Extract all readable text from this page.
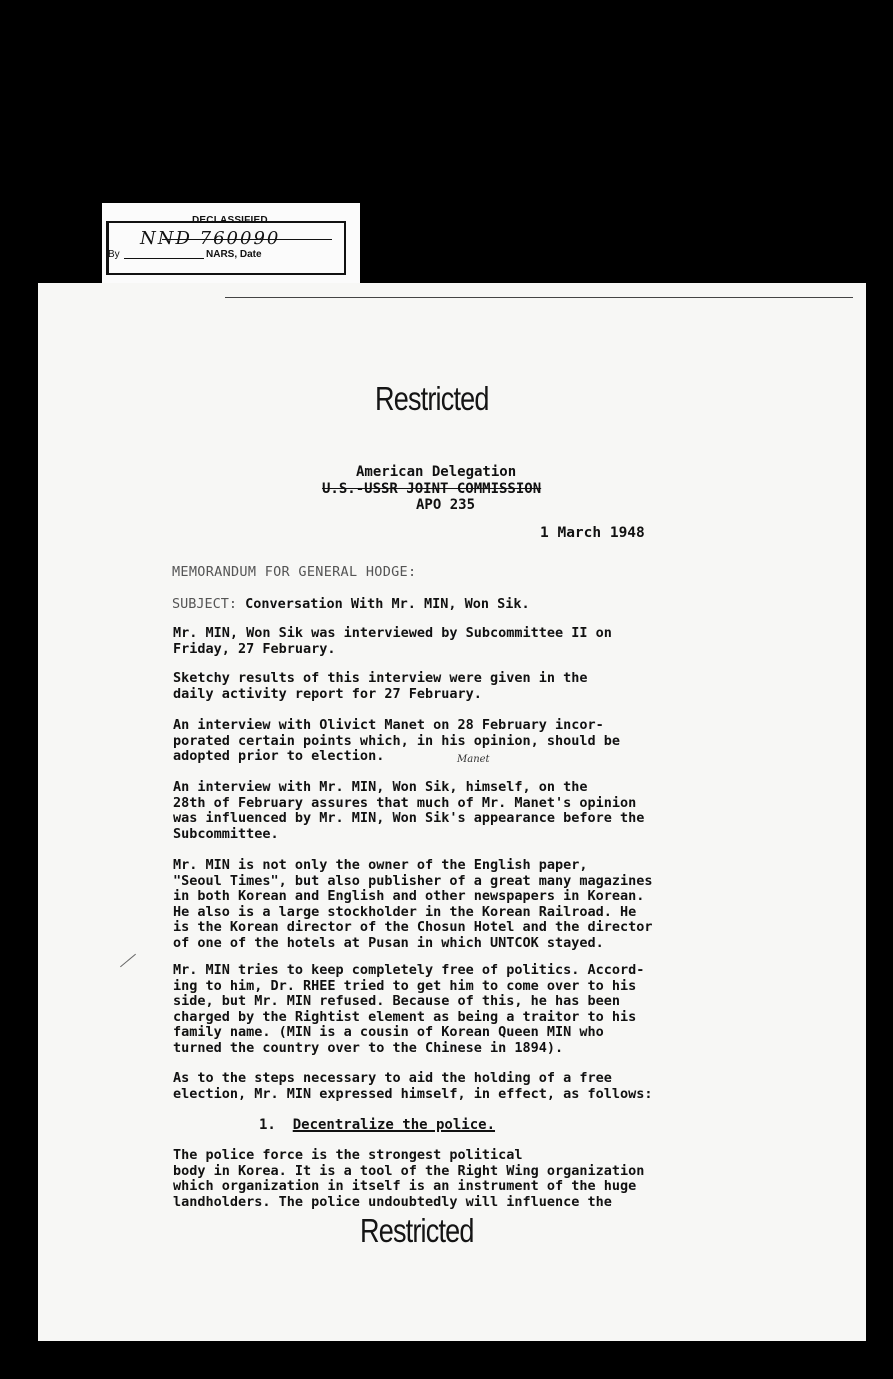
DECLASSIFIED
NND 760090
By	NARS, Date
Restricted
American Delegation
U.S.-USSR JOINT COMMISSION
APO 235
1 March 1948
MEMORANDUM FOR GENERAL HODGE:
SUBJECT: Conversation With Mr. MIN, Won Sik.
Mr. MIN, Won Sik was interviewed by Subcommittee II on
Friday, 27 February.
Sketchy results of this interview were given in the
daily activity report for 27 February.
An interview with Olivict Manet on 28 February incor-
porated certain points which, in his opinion, should be
adopted prior to election.	Manet
An interview with Mr. MIN, Won Sik, himself, on the
28th of February assures that much of Mr. Manet's opinion
was influenced by Mr. MIN, Won Sik's appearance before the
Subcommittee.
Mr. MIN is not only the owner of the English paper,
"Seoul Times", but also publisher of a great many magazines
in both Korean and English and other newspapers in Korean.
He also is a large stockholder in the Korean Railroad. He
is the Korean director of the Chosun Hotel and the director
of one of the hotels at Pusan in which UNTCOK stayed.
Mr. MIN tries to keep completely free of politics. Accord-
ing to him, Dr. RHEE tried to get him to come over to his
side, but Mr. MIN refused. Because of this, he has been
charged by the Rightist element as being a traitor to his
family name. (MIN is a cousin of Korean Queen MIN who
turned the country over to the Chinese in 1894).
As to the steps necessary to aid the holding of a free
election, Mr. MIN expressed himself, in effect, as follows:
1. Decentralize the police.
The police force is the strongest political
body in Korea. It is a tool of the Right Wing organization
which organization in itself is an instrument of the huge
landholders. The police undoubtedly will influence the
Restricted
